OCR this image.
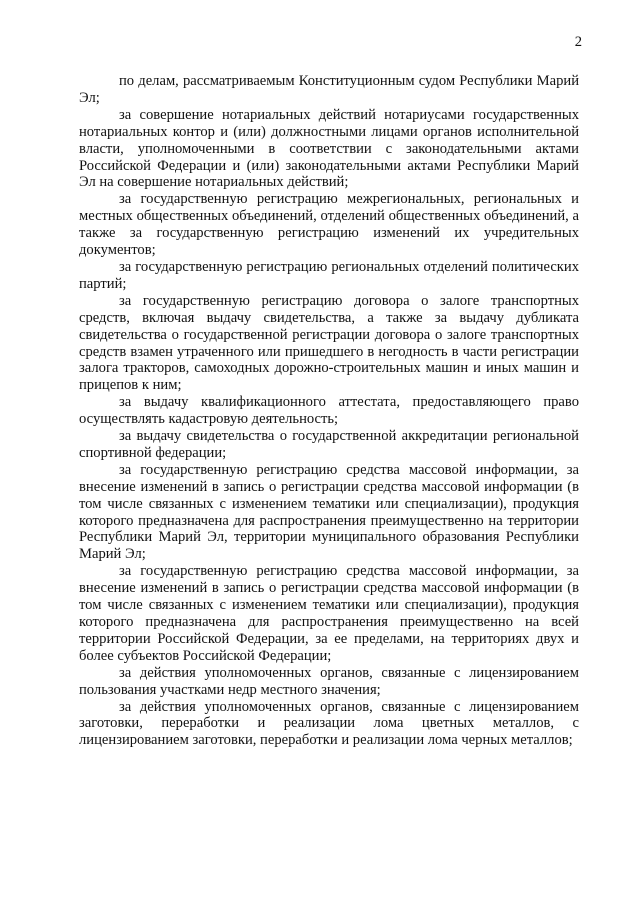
2

по делам, рассматриваемым Конституционным судом Республики Марий Эл;

за совершение нотариальных действий нотариусами государственных нотариальных контор и (или) должностными лицами органов исполнительной власти, уполномоченными в соответствии с законодательными актами Российской Федерации и (или) законодательными актами Республики Марий Эл на совершение нотариальных действий;

за государственную регистрацию межрегиональных, региональных и местных общественных объединений, отделений общественных объединений, а также за государственную регистрацию изменений их учредительных документов;

за государственную регистрацию региональных отделений политических партий;

за государственную регистрацию договора о залоге транспортных средств, включая выдачу свидетельства, а также за выдачу дубликата свидетельства о государственной регистрации договора о залоге транспортных средств взамен утраченного или пришедшего в негодность в части регистрации залога тракторов, самоходных дорожно-строительных машин и иных машин и прицепов к ним;

за выдачу квалификационного аттестата, предоставляющего право осуществлять кадастровую деятельность;

за выдачу свидетельства о государственной аккредитации региональной спортивной федерации;

за государственную регистрацию средства массовой информации, за внесение изменений в запись о регистрации средства массовой информации (в том числе связанных с изменением тематики или специализации), продукция которого предназначена для распространения преимущественно на территории Республики Марий Эл, территории муниципального образования Республики Марий Эл;

за государственную регистрацию средства массовой информации, за внесение изменений в запись о регистрации средства массовой информации (в том числе связанных с изменением тематики или специализации), продукция которого предназначена для распространения преимущественно на всей территории Российской Федерации, за ее пределами, на территориях двух и более субъектов Российской Федерации;

за действия уполномоченных органов, связанные с лицензированием пользования участками недр местного значения;

за действия уполномоченных органов, связанные с лицензированием заготовки, переработки и реализации лома цветных металлов, с лицензированием заготовки, переработки и реализации лома черных металлов;
